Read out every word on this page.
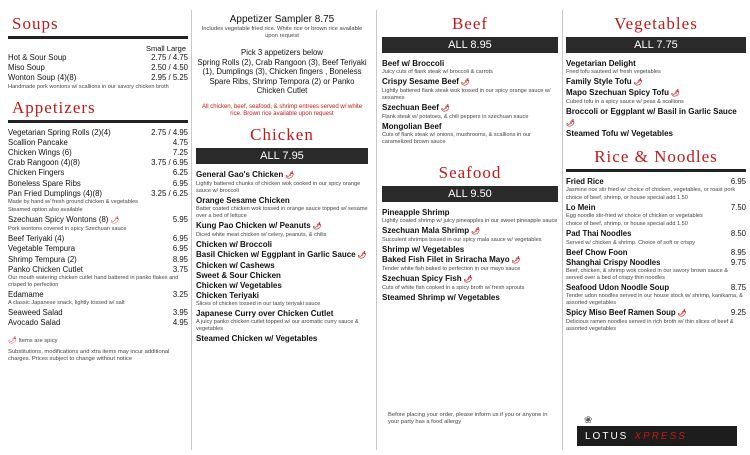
Soups
Small Large
Hot & Sour Soup	2.75 / 4.75
Miso Soup	2.50 / 4.50
Wonton Soup (4)(8)	2.95 / 5.25
Handmade pork wontons w/ scallions in our savory chicken broth
Appetizers
Vegetarian Spring Rolls (2)(4)	2.75 / 4.95
Scallion Pancake	4.75
Chicken Wings (6)	7.25
Crab Rangoon (4)(8)	3.75 / 6.95
Chicken Fingers	6.25
Boneless Spare Ribs	6.95
Pan Fried Dumplings (4)(8)	3.25 / 6.25
Made by hand w/ fresh ground chicken & vegetables
Steamed option also available
Szechuan Spicy Wontons (8) 🌶︎	5.95
Pork wontons covered in spicy Szechuan sauce
Beef Teriyaki (4)	6.95
Vegetable Tempura	6.95
Shrimp Tempura (2)	8.95
Panko Chicken Cutlet	3.75
Our mouth watering chicken cutlet hand battered in panko flakes and crisped to perfection
Edamame	3.25
A classic Japanese snack, lightly tossed w/ salt
Seaweed Salad	3.95
Avocado Salad	4.95
🌶︎ Items are spicy
Substitutions, modifications and xtra items may incur additional charges. Prices subject to change without notice
Appetizer Sampler 8.75
Includes vegetable fried rice. White rice or brown rice available upon request
Pick 3 appetizers below
Spring Rolls (2), Crab Rangoon (3), Beef Teriyaki (1), Dumplings (3), Chicken fingers , Boneless Spare Ribs, Shrimp Tempora (2) or Panko Chicken Cutlet
All chicken, beef, seafood, & shrimp entrees served w/ white rice. Brown rice available upon request
Chicken
ALL 7.95
General Gao's Chicken 🌶︎
Lightly battered chunks of chicken wok cooked in our spicy orange sauce w/ broccoli
Orange Sesame Chicken
Batter coated chicken wok tossed in orange sauce topped w/ sesame over a bed of lettuce
Kung Pao Chicken w/ Peanuts 🌶︎
Diced white meat chicken w/ celery, peanuts, & chilis
Chicken w/ Broccoli
Basil Chicken w/ Eggplant in Garlic Sauce 🌶︎
Chicken w/ Cashews
Sweet & Sour Chicken
Chicken w/ Vegetables
Chicken Teriyaki
Slices of chicken tossed in our tasty teriyaki sauce
Japanese Curry over Chicken Cutlet
A juicy panko chicken cutlet topped w/ our aromatic curry sauce & vegetables
Steamed Chicken w/ Vegetables
Beef
ALL 8.95
Beef w/ Broccoli
Juicy cuts of flank steak w/ broccoli & carrots
Crispy Sesame Beef 🌶︎
Lightly battered flank steak wok tossed in our spicy orange sauce w/ sesames
Szechuan Beef 🌶︎
Flank steak w/ potatoes, & chili peppers in szechuan sauce
Mongolian Beef
Cuts of flank steak w/ onions, mushrooms, & scallions in our caramelized brown sauce
Seafood
ALL 9.50
Pineapple Shrimp
Lightly coated shrimp w/ juicy pineapples in our sweet pineapple sauce
Szechuan Mala Shrimp 🌶︎
Succulent shrimps tossed in our spicy mala sauce w/ vegetables
Shrimp w/ Vegetables
Baked Fish Filet in Sriracha Mayo 🌶︎
Tender white fish baked to perfection in our mayo sauce
Szechuan Spicy Fish 🌶︎
Cuts of white fish cooked in a spicy broth w/ fresh sprouts
Steamed Shrimp w/ Vegetables
Before placing your order, please inform us if you or anyone in your party has a food allergy
Vegetables
ALL 7.75
Vegetarian Delight
Fried tofu sauteed w/ fresh vegetables
Family Style Tofu 🌶︎
Mapo Szechuan Spicy Tofu 🌶︎
Cubed tofu in a spicy sauce w/ peas & scallions
Broccoli or Eggplant w/ Basil in Garlic Sauce 🌶︎
Steamed Tofu w/ Vegetables
Rice & Noodles
Fried Rice	6.95
Jasmine rice stir fried w/ choice of chicken, vegetables, or roast pork
choice of beef, shrimp, or house special add 1.50
Lo Mein	7.50
Egg noodle stir-fried w/ choice of chicken or vegetables
choice of beef, shrimp, or house special add 1.50
Pad Thai Noodles	8.50
Served w/ chicken & shrimp. Choice of soft or crispy
Beef Chow Foon	8.95
Shanghai Crispy Noodles	9.75
Beef, chicken, & shrimp wok cooked in our savory brown sauce & served over a bed of crispy thin noodles
Seafood Udon Noodle Soup	8.75
Tender udon noodles served in our house stock w/ shrimp, kanikama, & assorted vegetables
Spicy Miso Beef Ramen Soup 🌶︎	9.25
Delicious ramen noodles served in rich broth w/ thin slices of beef & assorted vegetables
❀
LOTUS XPRESS
